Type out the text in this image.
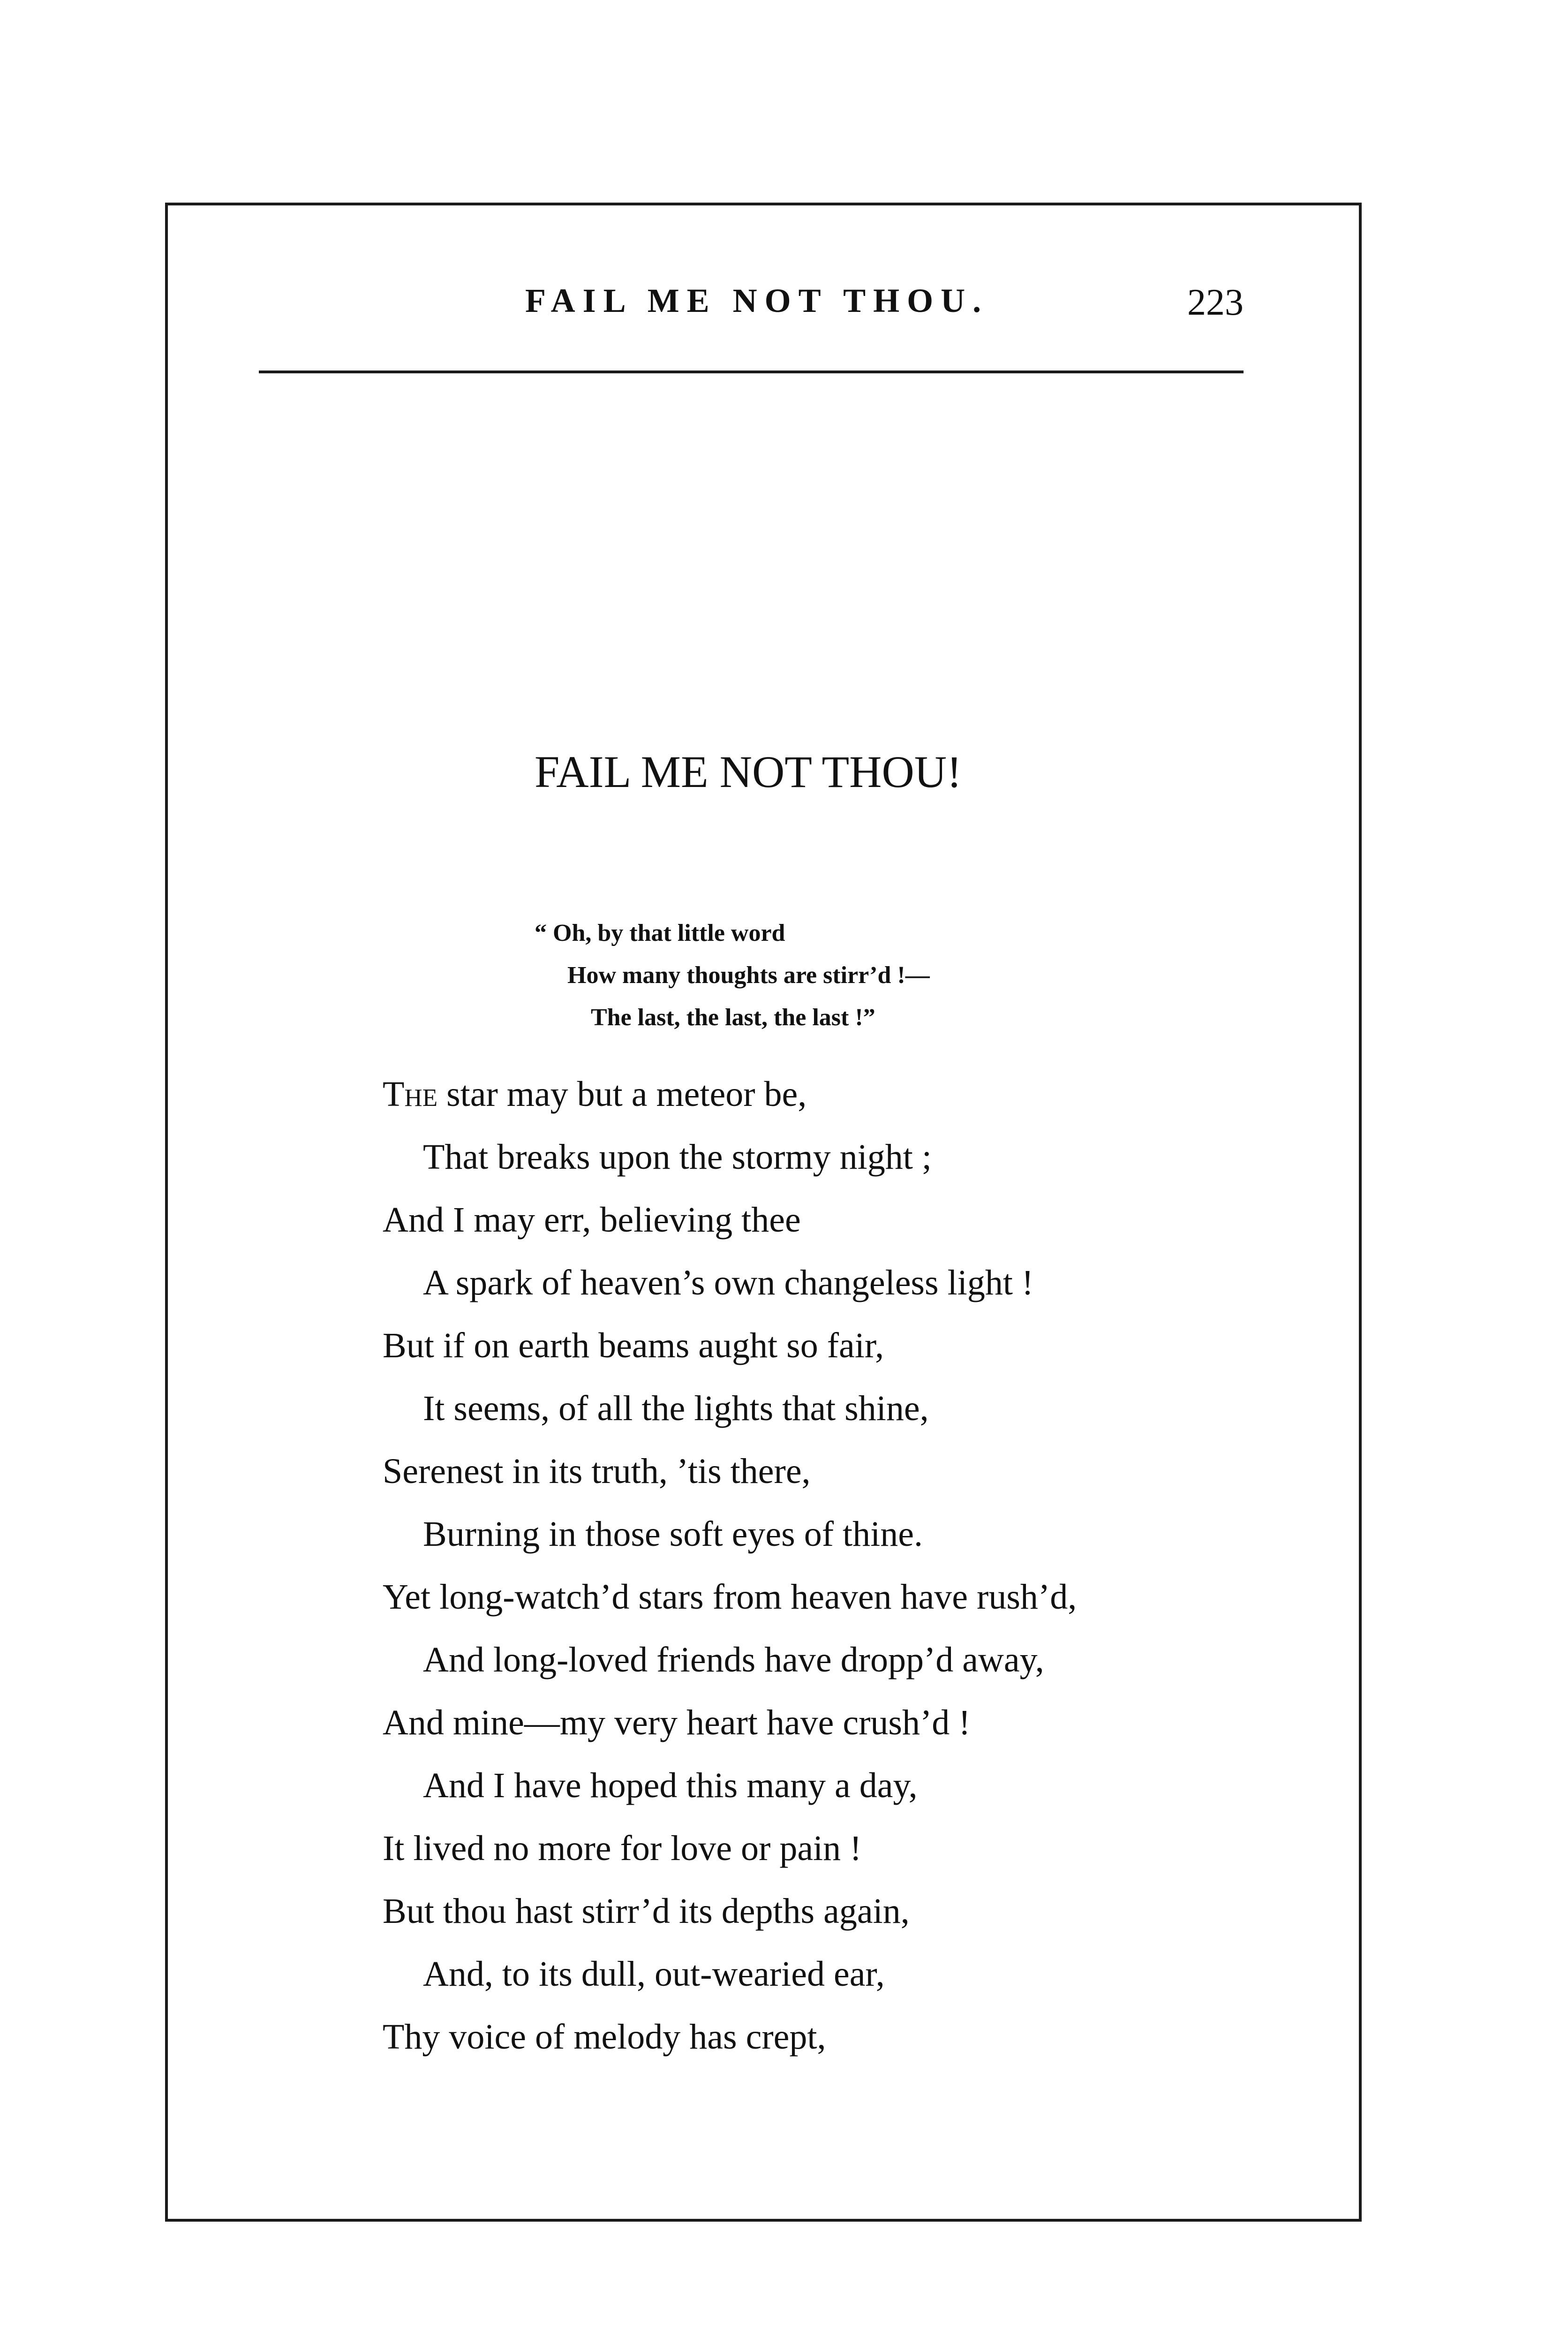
FAIL ME NOT THOU.	223
FAIL ME NOT THOU!
“ Oh, by that little word
How many thoughts are stirr’d !—
The last, the last, the last !”
The star may but a meteor be,
That breaks upon the stormy night ;
And I may err, believing thee
A spark of heaven’s own changeless light !
But if on earth beams aught so fair,
It seems, of all the lights that shine,
Serenest in its truth, ’tis there,
Burning in those soft eyes of thine.
Yet long-watch’d stars from heaven have rush’d,
And long-loved friends have dropp’d away,
And mine—my very heart have crush’d !
And I have hoped this many a day,
It lived no more for love or pain !
But thou hast stirr’d its depths again,
And, to its dull, out-wearied ear,
Thy voice of melody has crept,
